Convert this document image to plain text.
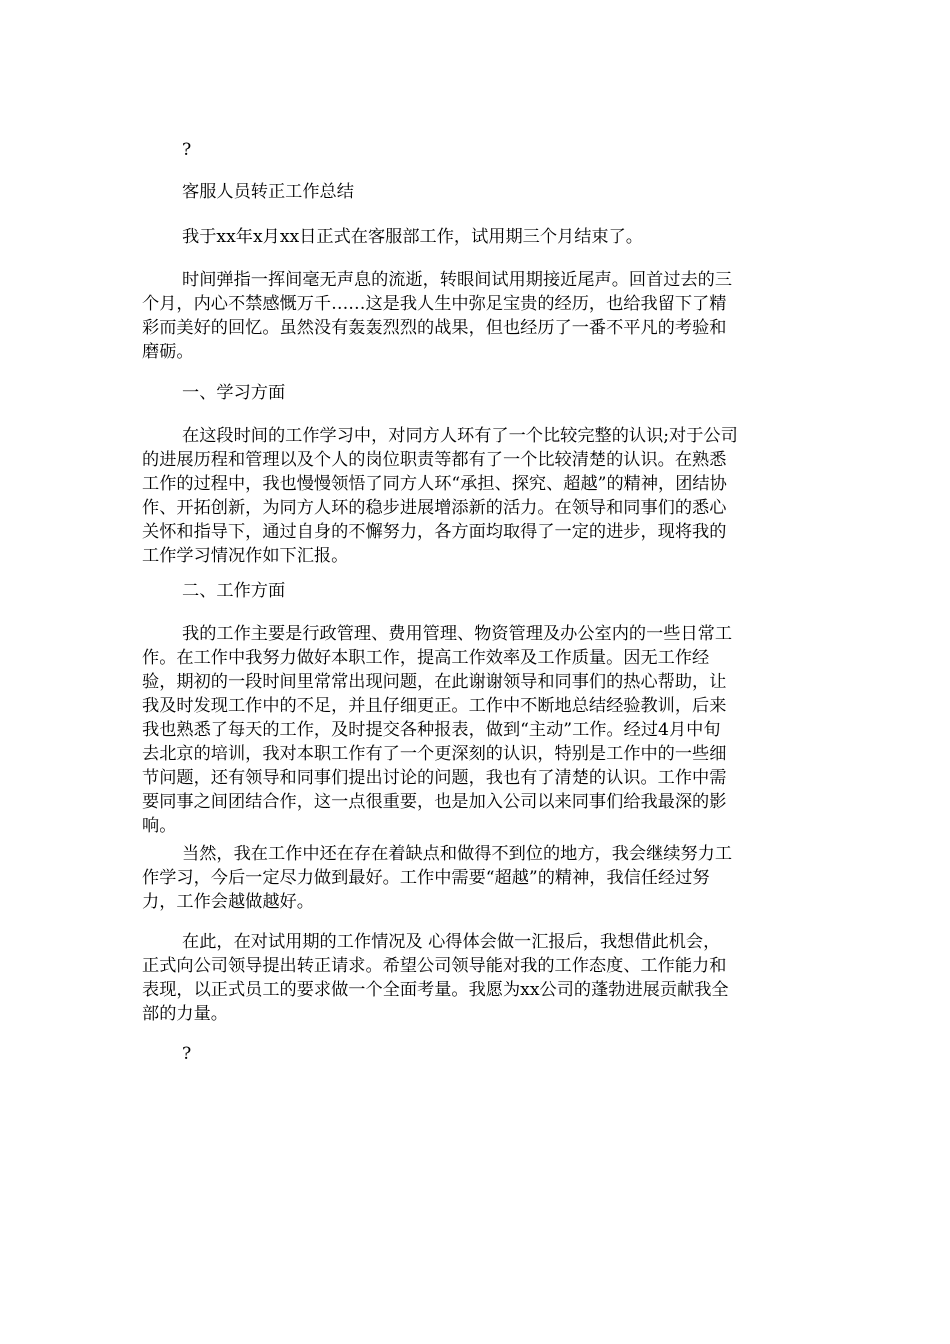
?

客服人员转正工作总结

我于xx年x月xx日正式在客服部工作，试用期三个月结束了。

时间弹指一挥间毫无声息的流逝，转眼间试用期接近尾声。回首过去的三
个月，内心不禁感慨万千……这是我人生中弥足宝贵的经历，也给我留下了精
彩而美好的回忆。虽然没有轰轰烈烈的战果，但也经历了一番不平凡的考验和
磨砺。

一、学习方面

在这段时间的工作学习中，对同方人环有了一个比较完整的认识;对于公司
的进展历程和管理以及个人的岗位职责等都有了一个比较清楚的认识。在熟悉
工作的过程中，我也慢慢领悟了同方人环“承担、探究、超越”的精神，团结协
作、开拓创新，为同方人环的稳步进展增添新的活力。在领导和同事们的悉心
关怀和指导下，通过自身的不懈努力，各方面均取得了一定的进步，现将我的
工作学习情况作如下汇报。

二、工作方面

我的工作主要是行政管理、费用管理、物资管理及办公室内的一些日常工
作。在工作中我努力做好本职工作，提高工作效率及工作质量。因无工作经
验，期初的一段时间里常常出现问题，在此谢谢领导和同事们的热心帮助，让
我及时发现工作中的不足，并且仔细更正。工作中不断地总结经验教训，后来
我也熟悉了每天的工作，及时提交各种报表，做到“主动”工作。经过4月中旬
去北京的培训，我对本职工作有了一个更深刻的认识，特别是工作中的一些细
节问题，还有领导和同事们提出讨论的问题，我也有了清楚的认识。工作中需
要同事之间团结合作，这一点很重要，也是加入公司以来同事们给我最深的影
响。

当然，我在工作中还在存在着缺点和做得不到位的地方，我会继续努力工
作学习，今后一定尽力做到最好。工作中需要“超越”的精神，我信任经过努
力，工作会越做越好。

在此，在对试用期的工作情况及 心得体会做一汇报后，我想借此机会，
正式向公司领导提出转正请求。希望公司领导能对我的工作态度、工作能力和
表现，以正式员工的要求做一个全面考量。我愿为xx公司的蓬勃进展贡献我全
部的力量。

?
